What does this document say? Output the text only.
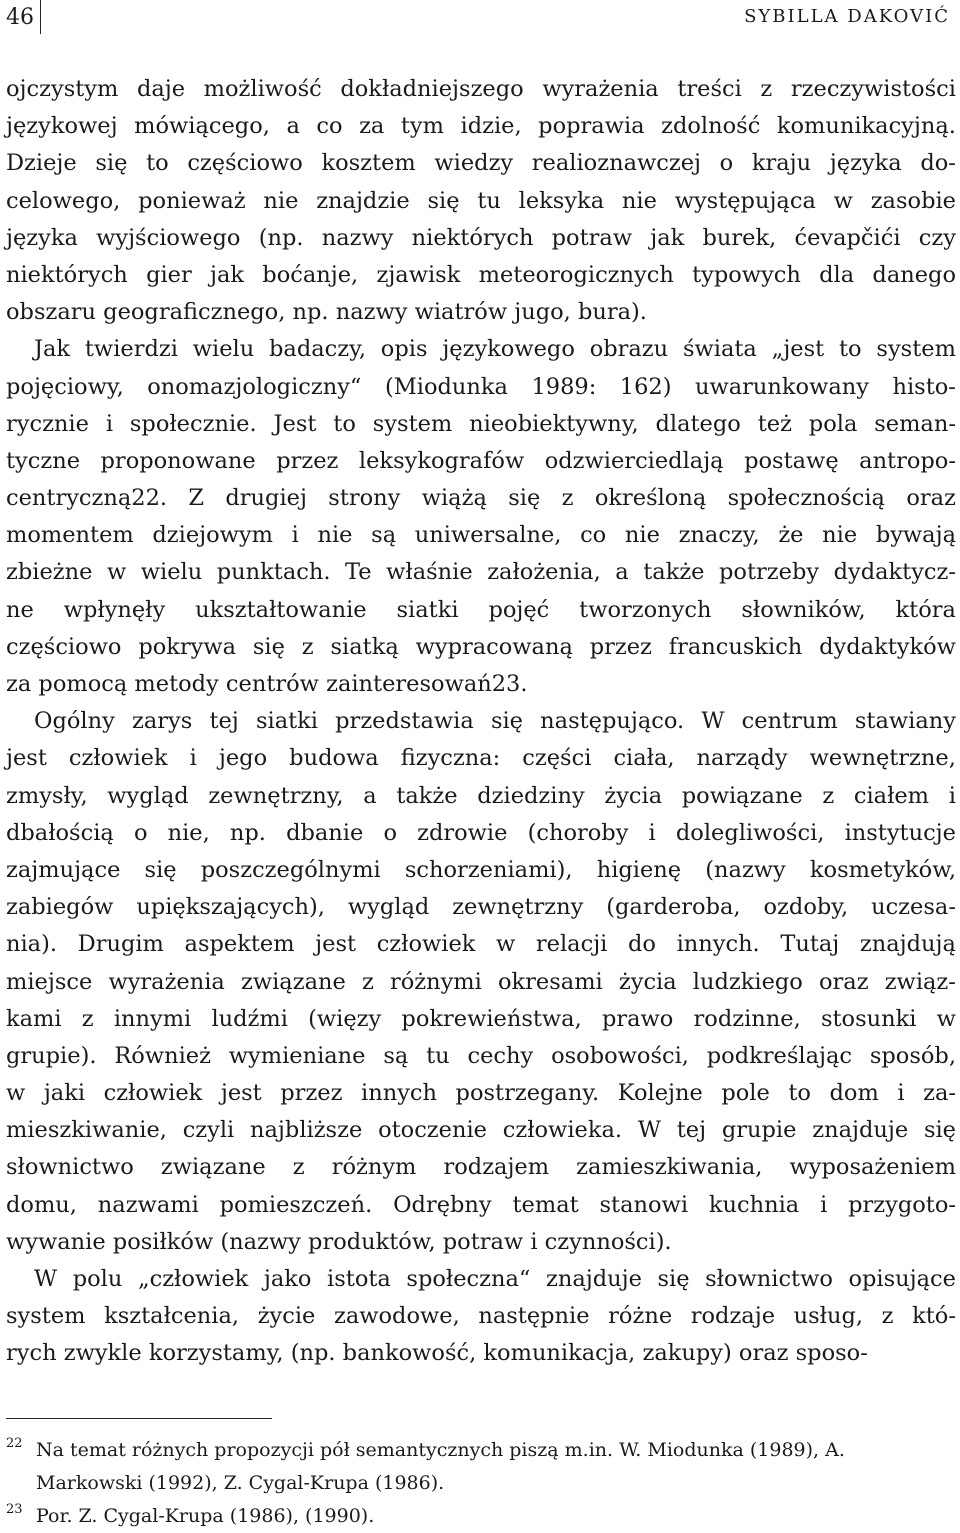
46	SYBILLA DAKOVIĆ
ojczystym daje możliwość dokładniejszego wyrażenia treści z rzeczywistości
językowej mówiącego, a co za tym idzie, poprawia zdolność komunikacyjną.
Dzieje się to częściowo kosztem wiedzy realioznawczej o kraju języka do-
celowego, ponieważ nie znajdzie się tu leksyka nie występująca w zasobie
języka wyjściowego (np. nazwy niektórych potraw jak burek, ćevapčići czy
niektórych gier jak boćanje, zjawisk meteorogicznych typowych dla danego
obszaru geograficznego, np. nazwy wiatrów jugo, bura).
Jak twierdzi wielu badaczy, opis językowego obrazu świata „jest to system
pojęciowy, onomazjologiczny“ (Miodunka 1989: 162) uwarunkowany histo-
rycznie i społecznie. Jest to system nieobiektywny, dlatego też pola seman-
tyczne proponowane przez leksykografów odzwierciedlają postawę antropo-
centryczną22. Z drugiej strony wiążą się z określoną społecznością oraz
momentem dziejowym i nie są uniwersalne, co nie znaczy, że nie bywają
zbieżne w wielu punktach. Te właśnie założenia, a także potrzeby dydaktycz-
ne wpłynęły ukształtowanie siatki pojęć tworzonych słowników, która
częściowo pokrywa się z siatką wypracowaną przez francuskich dydaktyków
za pomocą metody centrów zainteresowań23.
Ogólny zarys tej siatki przedstawia się następująco. W centrum stawiany
jest człowiek i jego budowa fizyczna: części ciała, narządy wewnętrzne,
zmysły, wygląd zewnętrzny, a także dziedziny życia powiązane z ciałem i
dbałością o nie, np. dbanie o zdrowie (choroby i dolegliwości, instytucje
zajmujące się poszczególnymi schorzeniami), higienę (nazwy kosmetyków,
zabiegów upiększających), wygląd zewnętrzny (garderoba, ozdoby, uczesa-
nia). Drugim aspektem jest człowiek w relacji do innych. Tutaj znajdują
miejsce wyrażenia związane z różnymi okresami życia ludzkiego oraz związ-
kami z innymi ludźmi (więzy pokrewieństwa, prawo rodzinne, stosunki w
grupie). Również wymieniane są tu cechy osobowości, podkreślając sposób,
w jaki człowiek jest przez innych postrzegany. Kolejne pole to dom i za-
mieszkiwanie, czyli najbliższe otoczenie człowieka. W tej grupie znajduje się
słownictwo związane z różnym rodzajem zamieszkiwania, wyposażeniem
domu, nazwami pomieszczeń. Odrębny temat stanowi kuchnia i przygoto-
wywanie posiłków (nazwy produktów, potraw i czynności).
W polu „człowiek jako istota społeczna“ znajduje się słownictwo opisujące
system kształcenia, życie zawodowe, następnie różne rodzaje usług, z któ-
rych zwykle korzystamy, (np. bankowość, komunikacja, zakupy) oraz sposo-
22 Na temat różnych propozycji pół semantycznych piszą m.in. W. Miodunka (1989), A. Markowski (1992), Z. Cygal-Krupa (1986).
23 Por. Z. Cygal-Krupa (1986), (1990).
